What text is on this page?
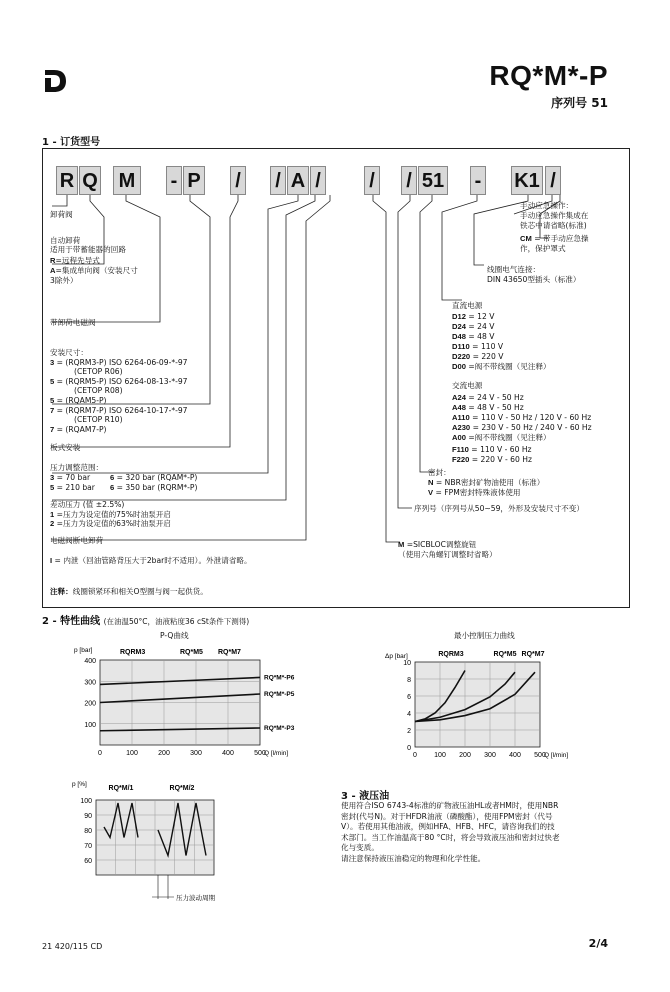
RQ*M*-P
序列号 51
1 - 订货型号
R Q M - P / / A / / / 51 - K1 /
卸荷阀
自动卸荷
适用于带蓄能器的回路
R=远程先导式
A=集成单向阀（安装尺寸
3除外）
带卸荷电磁阀
安装尺寸：
3 = (RQRM3-P) ISO 6264-06-09-*-97
(CETOP R06)
5 = (RQRM5-P) ISO 6264-08-13-*-97
(CETOP R08)
5 = (RQAM5-P)
7 = (RQRM7-P) ISO 6264-10-17-*-97
(CETOP R10)
7 = (RQAM7-P)
板式安装
压力调整范围：
3 = 70 bar	6 = 320 bar (RQAM*-P)
5 = 210 bar 6 = 350 bar (RQRM*-P)
差动压力 (值 ±2.5%)
1 =压力为设定值的75%时油泵开启
2 =压力为设定值的63%时油泵开启
电磁阀断电卸荷
I = 内泄（回油管路背压大于2bar时不适用）。外泄请省略。
注释：线圈锁紧环和相关O型圈与阀一起供货。
手动应急操作：
手动应急操作集成在
铁芯中请省略(标准)
CM = 带手动应急操
作，保护罩式
线圈电气连接：
DIN 43650型插头（标准）
直流电源
D12 = 12 V
D24 = 24 V
D48 = 48 V
D110 = 110 V
D220 = 220 V
D00 =阀不带线圈（见注释）
交流电源
A24 = 24 V - 50 Hz
A48 = 48 V - 50 Hz
A110 = 110 V - 50 Hz / 120 V - 60 Hz
A230 = 230 V - 50 Hz / 240 V - 60 Hz
A00 =阀不带线圈（见注释）
F110 = 110 V - 60 Hz
F220 = 220 V - 60 Hz
密封：
N = NBR密封矿物油使用（标准）
V = FPM密封特殊液体使用
序列号（序列号从50~59，外形及安装尺寸不变）
M =SICBLOC调整旋钮
（使用六角螺钉调整时省略）
2 - 特性曲线 (在油温50°C，油液粘度36 cSt条件下测得)
P-Q曲线	最小控制压力曲线
0	100	200	300	400	500
100
200
300
400
Q [l/min]
p [bar]	RQRM3	RQ*M5 RQ*M7
RQ*M*-P6
RQ*M*-P5
RQ*M*-P3
0 100 200 300 400 500
0
2
4
6
8
10
Q [l/min]
Δp [bar]	RQRM3	RQ*M5 RQ*M7
60
70
80
90
100
p [%]
RQ*M/1	RQ*M/2
压力波动周期
3 - 液压油
使用符合ISO 6743-4标准的矿物液压油HL或者HM时，使用NBR
密封(代号N)。对于HFDR油液（磷酸酯），使用FPM密封（代号
V）。若使用其他油液，例如HFA、HFB、HFC，请咨询我们的技
术部门。当工作油温高于80 °C时，将会导致液压油和密封过快老
化与变质。
请注意保持液压油稳定的物理和化学性能。
21 420/115 CD	2/4
